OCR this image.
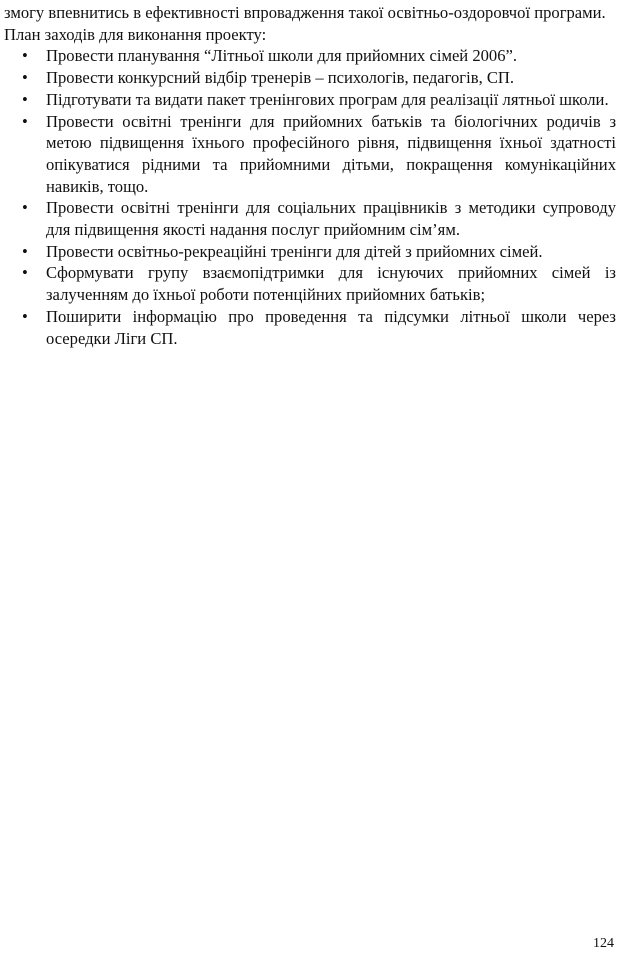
змогу впевнитись в ефективності впровадження такої освітньо-оздоровчої програми.

План заходів для виконання проекту:

• Провести планування “Літньої школи для прийомних сімей 2006”.
• Провести конкурсний відбір тренерів – психологів, педагогів, СП.
• Підготувати та видати пакет тренінгових програм для реалізації лятньої школи.
• Провести освітні тренінги для прийомних батьків та біологічних родичів з метою підвищення їхнього професійного рівня, підвищення їхньої здатності опікуватися рідними та прийомними дітьми, покращення комунікаційних навиків, тощо.
• Провести освітні тренінги для соціальних працівників з методики супроводу для підвищення якості надання послуг прийомним сім’ям.
• Провести освітньо-рекреаційні тренінги для дітей з прийомних сімей.
• Сформувати групу взаємопідтримки для існуючих прийомних сімей із залученням до їхньої роботи потенційних прийомних батьків;
• Поширити інформацію про проведення та підсумки літньої школи через осередки Ліги СП.
124
